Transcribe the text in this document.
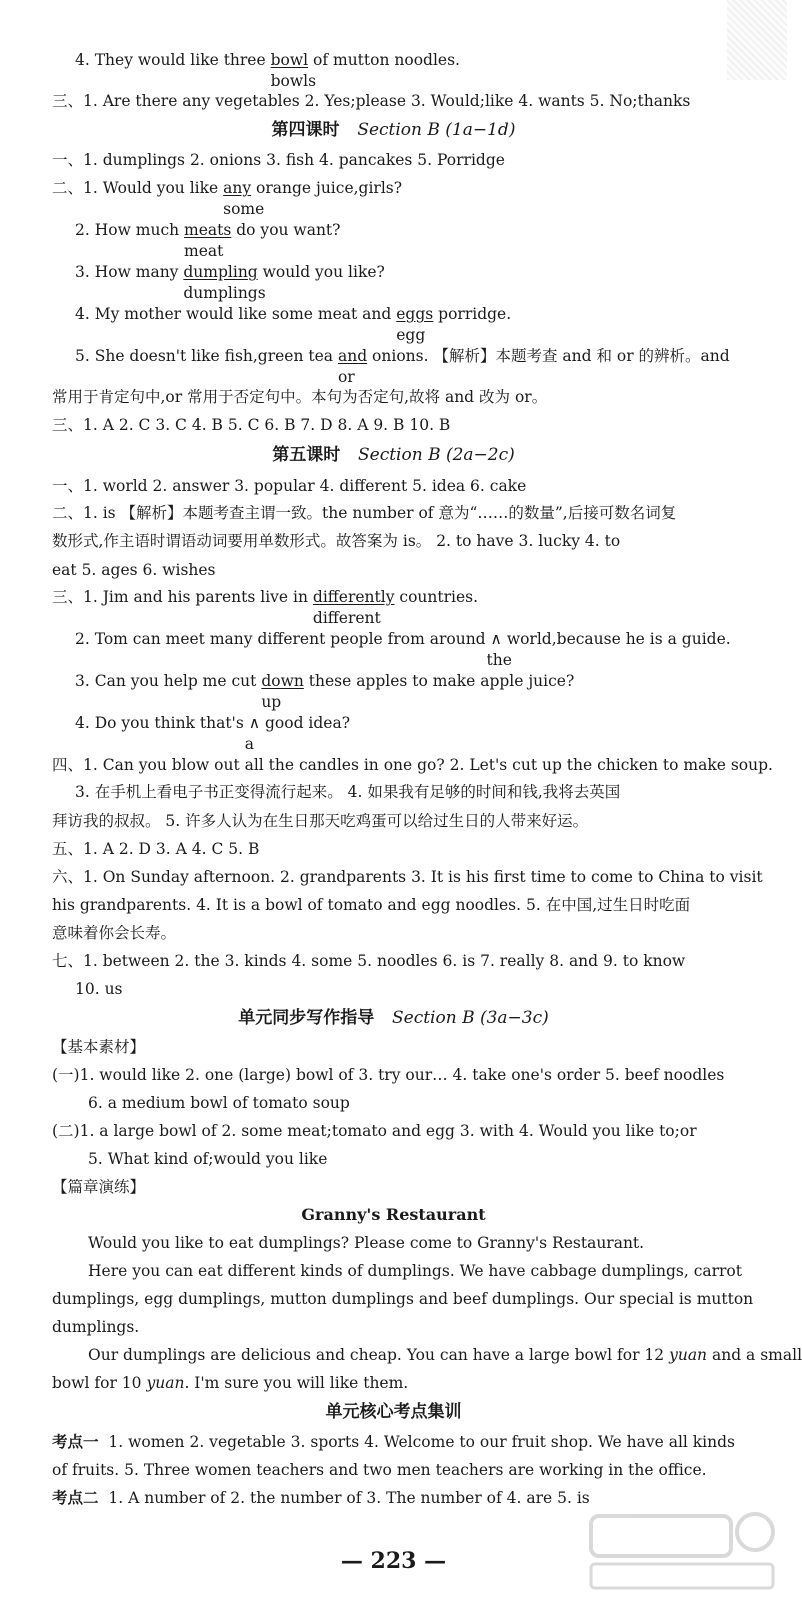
4. They would like three bowl
bowls
of mutton noodles.
三、1. Are there any vegetables 2. Yes;please 3. Would;like 4. wants 5. No;thanks
第四课时 Section B (1a−1d)
一、1. dumplings 2. onions 3. fish 4. pancakes 5. Porridge
二、1. Would you like any
some
orange juice,girls?
2. How much meats
meat
do you want?
3. How many dumpling
dumplings
would you like?
4. My mother would like some meat and eggs
egg
porridge.
5. She doesn't like fish,green tea and
or
onions. 【解析】本题考查 and 和 or 的辨析。and
常用于肯定句中,or 常用于否定句中。本句为否定句,故将 and 改为 or。
三、1. A 2. C 3. C 4. B 5. C 6. B 7. D 8. A 9. B 10. B
第五课时 Section B (2a−2c)
一、1. world 2. answer 3. popular 4. different 5. idea 6. cake
二、1. is 【解析】本题考查主谓一致。the number of 意为“……的数量”,后接可数名词复
数形式,作主语时谓语动词要用单数形式。故答案为 is。 2. to have 3. lucky 4. to
eat 5. ages 6. wishes
三、1. Jim and his parents live in differently
different
countries.
2. Tom can meet many different people from around ∧
the
world,because he is a guide.
3. Can you help me cut down
up
these apples to make apple juice?
4. Do you think that's ∧
a
good idea?
四、1. Can you blow out all the candles in one go? 2. Let's cut up the chicken to make soup.
3. 在手机上看电子书正变得流行起来。 4. 如果我有足够的时间和钱,我将去英国
拜访我的叔叔。 5. 许多人认为在生日那天吃鸡蛋可以给过生日的人带来好运。
五、1. A 2. D 3. A 4. C 5. B
六、1. On Sunday afternoon. 2. grandparents 3. It is his first time to come to China to visit
his grandparents. 4. It is a bowl of tomato and egg noodles. 5. 在中国,过生日时吃面
意味着你会长寿。
七、1. between 2. the 3. kinds 4. some 5. noodles 6. is 7. really 8. and 9. to know
10. us
单元同步写作指导 Section B (3a−3c)
【基本素材】
(一)1. would like 2. one (large) bowl of 3. try our… 4. take one's order 5. beef noodles
6. a medium bowl of tomato soup
(二)1. a large bowl of 2. some meat;tomato and egg 3. with 4. Would you like to;or
5. What kind of;would you like
【篇章演练】
Granny's Restaurant
Would you like to eat dumplings? Please come to Granny's Restaurant.
Here you can eat different kinds of dumplings. We have cabbage dumplings, carrot
dumplings, egg dumplings, mutton dumplings and beef dumplings. Our special is mutton
dumplings.
Our dumplings are delicious and cheap. You can have a large bowl for 12 yuan and a small
bowl for 10 yuan. I'm sure you will like them.
单元核心考点集训
考点一 1. women 2. vegetable 3. sports 4. Welcome to our fruit shop. We have all kinds
of fruits. 5. Three women teachers and two men teachers are working in the office.
考点二 1. A number of 2. the number of 3. The number of 4. are 5. is
— 223 —
